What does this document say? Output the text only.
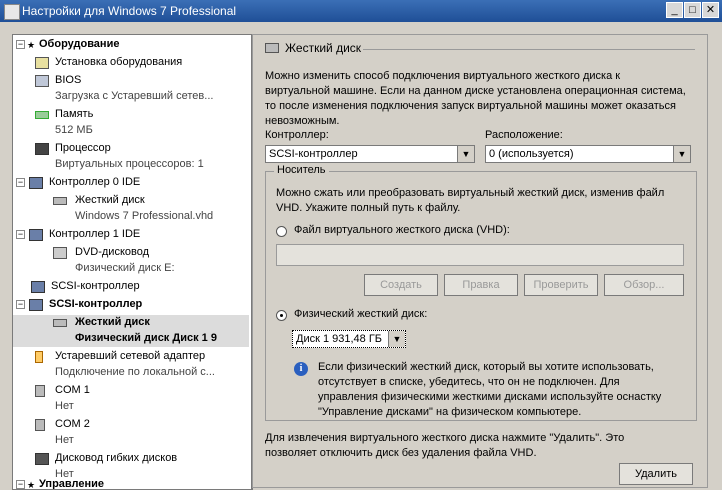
Настройки для Windows 7 Professional	_	□ ✕
− ★ Оборудование
Установка оборудования
BIOS
Загрузка с Устаревший сетев...
Память
512 МБ
Процессор
Виртуальных процессоров: 1
− Контроллер 0 IDE
Жесткий диск
Windows 7 Professional.vhd
− Контроллер 1 IDE
DVD-дисковод
Физический диск E:
SCSI-контроллер
− SCSI-контроллер
Жесткий диск
Физический диск Диск 1 9
Устаревший сетевой адаптер
Подключение по локальной с...
COM 1
Нет
COM 2
Нет
Дисковод гибких дисков
Нет
− ★ Управление
Жесткий диск
Можно изменить способ подключения виртуального жесткого диска к
виртуальной машине. Если на данном диске установлена операционная система,
то после изменения подключения запуск виртуальной машины может оказаться
невозможным.
Контроллер:
SCSI-контроллер	▼
Расположение:
0 (используется)	▼
Носитель
Можно сжать или преобразовать виртуальный жесткий диск, изменив файл
VHD. Укажите полный путь к файлу.
Файл виртуального жесткого диска (VHD):
Создать	Правка	Проверить	Обзор...
Физический жесткий диск:
Диск 1 931,48 ГБ	▼
i	Если физический жесткий диск, который вы хотите использовать,
отсутствует в списке, убедитесь, что он не подключен. Для
управления физическими жесткими дисками используйте оснастку
"Управление дисками" на физическом компьютере.
Для извлечения виртуального жесткого диска нажмите "Удалить". Это
позволяет отключить диск без удаления файла VHD.
Удалить
